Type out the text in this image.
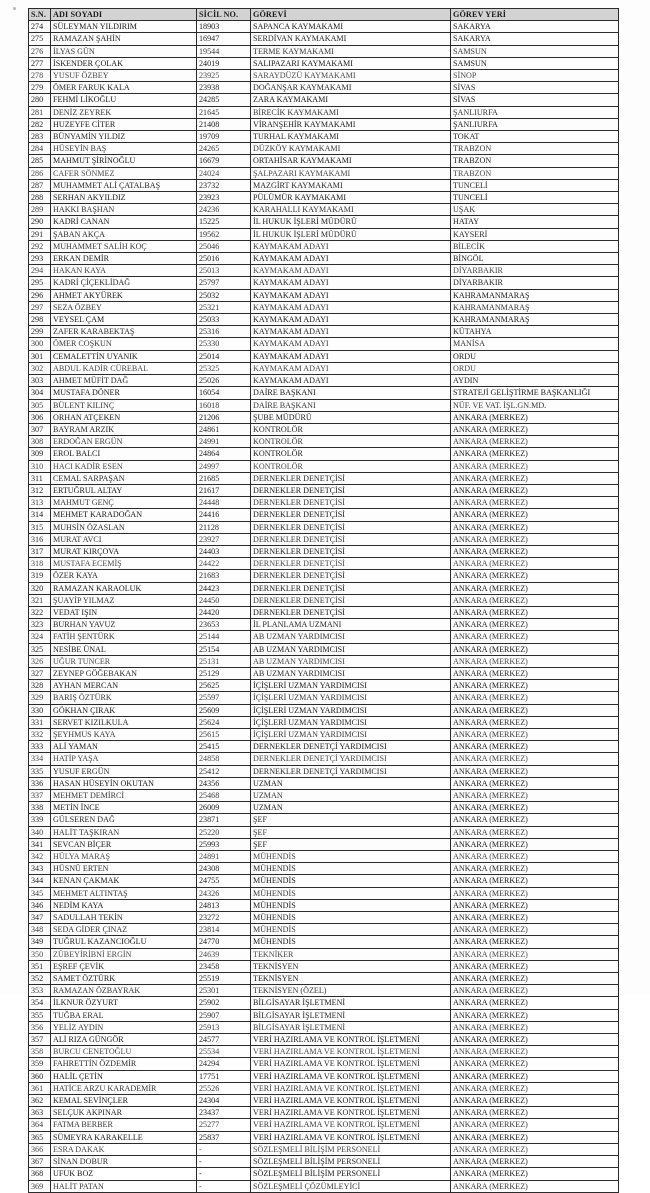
S.N.	ADI SOYADI	SİCİL NO.	GÖREVİ	GÖREV YERİ
274	SÜLEYMAN YILDIRIM	18903	SAPANCA KAYMAKAMI	SAKARYA
275	RAMAZAN ŞAHİN	16947	SERDİVAN KAYMAKAMI	SAKARYA
276	İLYAS GÜN	19544	TERME KAYMAKAMI	SAMSUN
277	İSKENDER ÇOLAK	24019	SALIPAZARI KAYMAKAMI	SAMSUN
278	YUSUF ÖZBEY	23925	SARAYDÜZÜ KAYMAKAMI	SİNOP
279	ÖMER FARUK KALA	23938	DOĞANŞAR KAYMAKAMI	SİVAS
280	FEHMİ LİKOĞLU	24285	ZARA KAYMAKAMI	SİVAS
281	DENİZ ZEYREK	21645	BİRECİK KAYMAKAMI	ŞANLIURFA
282	HUZEYFE CİTER	21408	VİRANŞEHİR KAYMAKAMI	ŞANLIURFA
283	BÜNYAMİN YILDIZ	19709	TURHAL KAYMAKAMI	TOKAT
284	HÜSEYİN BAŞ	24265	DÜZKÖY KAYMAKAMI	TRABZON
285	MAHMUT ŞİRİNOĞLU	16679	ORTAHİSAR KAYMAKAMI	TRABZON
286	CAFER SÖNMEZ	24024	ŞALPAZARI KAYMAKAMI	TRABZON
287	MUHAMMET ALİ ÇATALBAŞ	23732	MAZGİRT KAYMAKAMI	TUNCELİ
288	SERHAN AKYILDIZ	23923	PÜLÜMÜR KAYMAKAMI	TUNCELİ
289	HAKKI BAŞHAN	24236	KARAHALLI KAYMAKAMI	UŞAK
290	KADRİ CANAN	15225	İL HUKUK İŞLERİ MÜDÜRÜ	HATAY
291	ŞABAN AKÇA	19562	İL HUKUK İŞLERİ MÜDÜRÜ	KAYSERİ
292	MUHAMMET SALİH KOÇ	25046	KAYMAKAM ADAYI	BİLECİK
293	ERKAN DEMİR	25016	KAYMAKAM ADAYI	BİNGÖL
294	HAKAN KAYA	25013	KAYMAKAM ADAYI	DİYARBAKIR
295	KADRİ ÇİÇEKLİDAĞ	25797	KAYMAKAM ADAYI	DİYARBAKIR
296	AHMET AKYÜREK	25032	KAYMAKAM ADAYI	KAHRAMANMARAŞ
297	SEZA ÖZBEY	25321	KAYMAKAM ADAYI	KAHRAMANMARAŞ
298	VEYSEL ÇAM	25033	KAYMAKAM ADAYI	KAHRAMANMARAŞ
299	ZAFER KARABEKTAŞ	25316	KAYMAKAM ADAYI	KÜTAHYA
300	ÖMER COŞKUN	25330	KAYMAKAM ADAYI	MANİSA
301	CEMALETTİN UYANIK	25014	KAYMAKAM ADAYI	ORDU
302	ABDUL KADİR CÜREBAL	25325	KAYMAKAM ADAYI	ORDU
303	AHMET MÜFİT DAĞ	25026	KAYMAKAM ADAYI	AYDIN
304	MUSTAFA DÖNER	16054	DAİRE BAŞKANI	STRATEJİ GELİŞTİRME BAŞKANLIĞI
305	BÜLENT KILINÇ	16018	DAİRE BAŞKANI	NÜF. VE VAT. İŞL.GN.MD.
306	ORHAN ATÇEKEN	21206	ŞUBE MÜDÜRÜ	ANKARA (MERKEZ)
307	BAYRAM ARZIK	24861	KONTROLÖR	ANKARA (MERKEZ)
308	ERDOĞAN ERGÜN	24991	KONTROLÖR	ANKARA (MERKEZ)
309	EROL BALCI	24864	KONTROLÖR	ANKARA (MERKEZ)
310	HACI KADİR ESEN	24997	KONTROLÖR	ANKARA (MERKEZ)
311	CEMAL SARPAŞAN	21685	DERNEKLER DENETÇİSİ	ANKARA (MERKEZ)
312	ERTUĞRUL ALTAY	21617	DERNEKLER DENETÇİSİ	ANKARA (MERKEZ)
313	MAHMUT GENÇ	24448	DERNEKLER DENETÇİSİ	ANKARA (MERKEZ)
314	MEHMET KARADOĞAN	24416	DERNEKLER DENETÇİSİ	ANKARA (MERKEZ)
315	MUHSİN ÖZASLAN	21128	DERNEKLER DENETÇİSİ	ANKARA (MERKEZ)
316	MURAT AVCI	23927	DERNEKLER DENETÇİSİ	ANKARA (MERKEZ)
317	MURAT KIRÇOVA	24403	DERNEKLER DENETÇİSİ	ANKARA (MERKEZ)
318	MUSTAFA ECEMİŞ	24422	DERNEKLER DENETÇİSİ	ANKARA (MERKEZ)
319	ÖZER KAYA	21683	DERNEKLER DENETÇİSİ	ANKARA (MERKEZ)
320	RAMAZAN KARAOLUK	24423	DERNEKLER DENETÇİSİ	ANKARA (MERKEZ)
321	ŞUAYİP YILMAZ	24450	DERNEKLER DENETÇİSİ	ANKARA (MERKEZ)
322	VEDAT IŞIN	24420	DERNEKLER DENETÇİSİ	ANKARA (MERKEZ)
323	BURHAN YAVUZ	23653	İL PLANLAMA UZMANI	ANKARA (MERKEZ)
324	FATİH ŞENTÜRK	25144	AB UZMAN YARDIMCISI	ANKARA (MERKEZ)
325	NESİBE ÜNAL	25154	AB UZMAN YARDIMCISI	ANKARA (MERKEZ)
326	UĞUR TUNCER	25131	AB UZMAN YARDIMCISI	ANKARA (MERKEZ)
327	ZEYNEP GÖĞEBAKAN	25129	AB UZMAN YARDIMCISI	ANKARA (MERKEZ)
328	AYHAN MERCAN	25625	İÇİŞLERİ UZMAN YARDIMCISI	ANKARA (MERKEZ)
329	BARIŞ ÖZTÜRK	25597	İÇİŞLERİ UZMAN YARDIMCISI	ANKARA (MERKEZ)
330	GÖKHAN ÇIRAK	25609	İÇİŞLERİ UZMAN YARDIMCISI	ANKARA (MERKEZ)
331	SERVET KIZILKULA	25624	İÇİŞLERİ UZMAN YARDIMCISI	ANKARA (MERKEZ)
332	ŞEYHMUS KAYA	25615	İÇİŞLERİ UZMAN YARDIMCISI	ANKARA (MERKEZ)
333	ALİ YAMAN	25415	DERNEKLER DENETÇİ YARDIMCISI	ANKARA (MERKEZ)
334	HATİP YAŞA	24858	DERNEKLER DENETÇİ YARDIMCISI	ANKARA (MERKEZ)
335	YUSUF ERGÜN	25412	DERNEKLER DENETÇİ YARDIMCISI	ANKARA (MERKEZ)
336	HASAN HÜSEYİN OKUTAN	24356	UZMAN	ANKARA (MERKEZ)
337	MEHMET DEMİRCİ	25468	UZMAN	ANKARA (MERKEZ)
338	METİN İNCE	26009	UZMAN	ANKARA (MERKEZ)
339	GÜLSEREN DAĞ	23871	ŞEF	ANKARA (MERKEZ)
340	HALİT TAŞKIRAN	25220	ŞEF	ANKARA (MERKEZ)
341	SEVCAN BİÇER	25993	ŞEF	ANKARA (MERKEZ)
342	HÜLYA MARAŞ	24891	MÜHENDİS	ANKARA (MERKEZ)
343	HÜSNÜ ERTEN	24308	MÜHENDİS	ANKARA (MERKEZ)
344	KENAN ÇAKMAK	24755	MÜHENDİS	ANKARA (MERKEZ)
345	MEHMET ALTINTAŞ	24326	MÜHENDİS	ANKARA (MERKEZ)
346	NEDİM KAYA	24813	MÜHENDİS	ANKARA (MERKEZ)
347	SADULLAH TEKİN	23272	MÜHENDİS	ANKARA (MERKEZ)
348	SEDA GİDER ÇINAZ	23814	MÜHENDİS	ANKARA (MERKEZ)
349	TUĞRUL KAZANCIOĞLU	24770	MÜHENDİS	ANKARA (MERKEZ)
350	ZÜBEYİRİBNİ ERGİN	24639	TEKNİKER	ANKARA (MERKEZ)
351	EŞREF ÇEVİK	23458	TEKNİSYEN	ANKARA (MERKEZ)
352	SAMET ÖZTÜRK	25519	TEKNİSYEN	ANKARA (MERKEZ)
353	RAMAZAN ÖZBAYRAK	25301	TEKNİSYEN (ÖZEL)	ANKARA (MERKEZ)
354	İLKNUR ÖZYURT	25902	BİLGİSAYAR İŞLETMENİ	ANKARA (MERKEZ)
355	TUĞBA ERAL	25907	BİLGİSAYAR İŞLETMENİ	ANKARA (MERKEZ)
356	YELİZ AYDIN	25913	BİLGİSAYAR İŞLETMENİ	ANKARA (MERKEZ)
357	ALİ RIZA GÜNGÖR	24577	VERİ HAZIRLAMA VE KONTROL İŞLETMENİ	ANKARA (MERKEZ)
358	BURCU CENETOĞLU	25534	VERİ HAZIRLAMA VE KONTROL İŞLETMENİ	ANKARA (MERKEZ)
359	FAHRETTİN ÖZDEMİR	24294	VERİ HAZIRLAMA VE KONTROL İŞLETMENİ	ANKARA (MERKEZ)
360	HALİL ÇETİN	17751	VERİ HAZIRLAMA VE KONTROL İŞLETMENİ	ANKARA (MERKEZ)
361	HATİCE ARZU KARADEMİR	25526	VERİ HAZIRLAMA VE KONTROL İŞLETMENİ	ANKARA (MERKEZ)
362	KEMAL SEVİNÇLER	24304	VERİ HAZIRLAMA VE KONTROL İŞLETMENİ	ANKARA (MERKEZ)
363	SELÇUK AKPINAR	23437	VERİ HAZIRLAMA VE KONTROL İŞLETMENİ	ANKARA (MERKEZ)
364	FATMA BERBER	25277	VERİ HAZIRLAMA VE KONTROL İŞLETMENİ	ANKARA (MERKEZ)
365	SÜMEYRA KARAKELLE	25837	VERİ HAZIRLAMA VE KONTROL İŞLETMENİ	ANKARA (MERKEZ)
366	ESRA DAKAK	-	SÖZLEŞMELİ BİLİŞİM PERSONELİ	ANKARA (MERKEZ)
367	SİNAN DOBUR	-	SÖZLEŞMELİ BİLİŞİM PERSONELİ	ANKARA (MERKEZ)
368	UFUK BOZ	-	SÖZLEŞMELİ BİLİŞİM PERSONELİ	ANKARA (MERKEZ)
369	HALİT PATAN	-	SÖZLEŞMELİ ÇÖZÜMLEYİCİ	ANKARA (MERKEZ)
